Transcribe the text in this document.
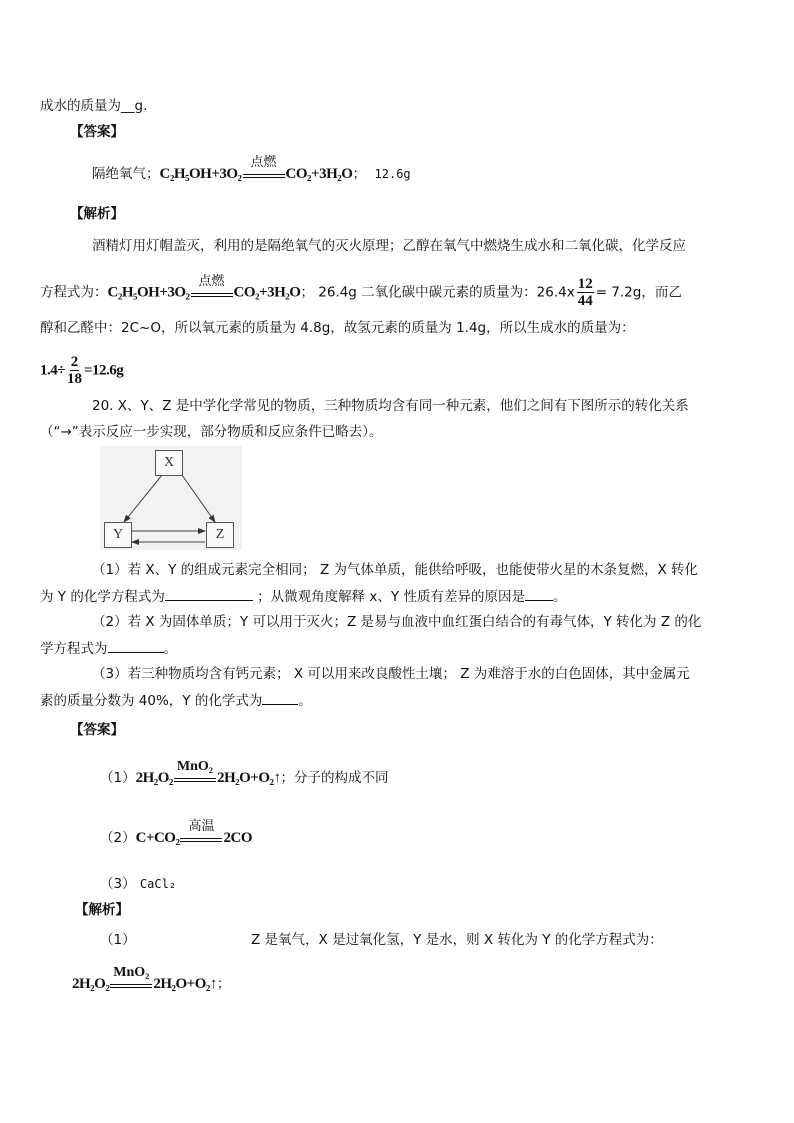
成水的质量为__g.
【答案】
隔绝氧气；C₂H₅OH+3O₂
点燃
CO₂+3H₂O； 12.6g
【解析】
酒精灯用灯帽盖灭，利用的是隔绝氧气的灭火原理；乙醇在氧气中燃烧生成水和二氧化碳，化学反应
方程式为：C₂H₅OH+3O₂
点燃
CO₂+3H₂O； 26.4g 二氧化碳中碳元素的质量为：$26.4x \frac{12}{44} = 7.2g$，而乙
醇和乙醛中：2C~O，所以氧元素的质量为 4.8g，故氢元素的质量为 1.4g，所以生成水的质量为：
$1.4\div \frac{2}{18} =12.6g$
20. X、Y、Z 是中学化学常见的物质，三种物质均含有同一种元素，他们之间有下图所示的转化关系
（“→”表示反应一步实现，部分物质和反应条件已略去）。
X
Y	Z
（1）若 X、Y 的组成元素完全相同； Z 为气体单质，能供给呼吸，也能使带火星的木条复燃，X 转化
为 Y 的化学方程式为	；从微观角度解释 x、Y 性质有差异的原因是 。
（2）若 X 为固体单质；Y 可以用于灭火；Z 是易与血液中血红蛋白结合的有毒气体，Y 转化为 Z 的化
学方程式为	。
（3）若三种物质均含有钙元素； X 可以用来改良酸性土壤； Z 为难溶于水的白色固体，其中金属元
素的质量分数为 40%，Y 的化学式为	。
【答案】
（1）2H₂O₂
MnO₂
2H₂O+O₂↑；分子的构成不同
（2）C+CO₂
高温
2CO
（3） CaCl₂
【解析】
（1）	Z 是氧气，X 是过氧化氢，Y 是水，则 X 转化为 Y 的化学方程式为：
2H₂O₂
MnO₂
2H₂O+O₂↑；
